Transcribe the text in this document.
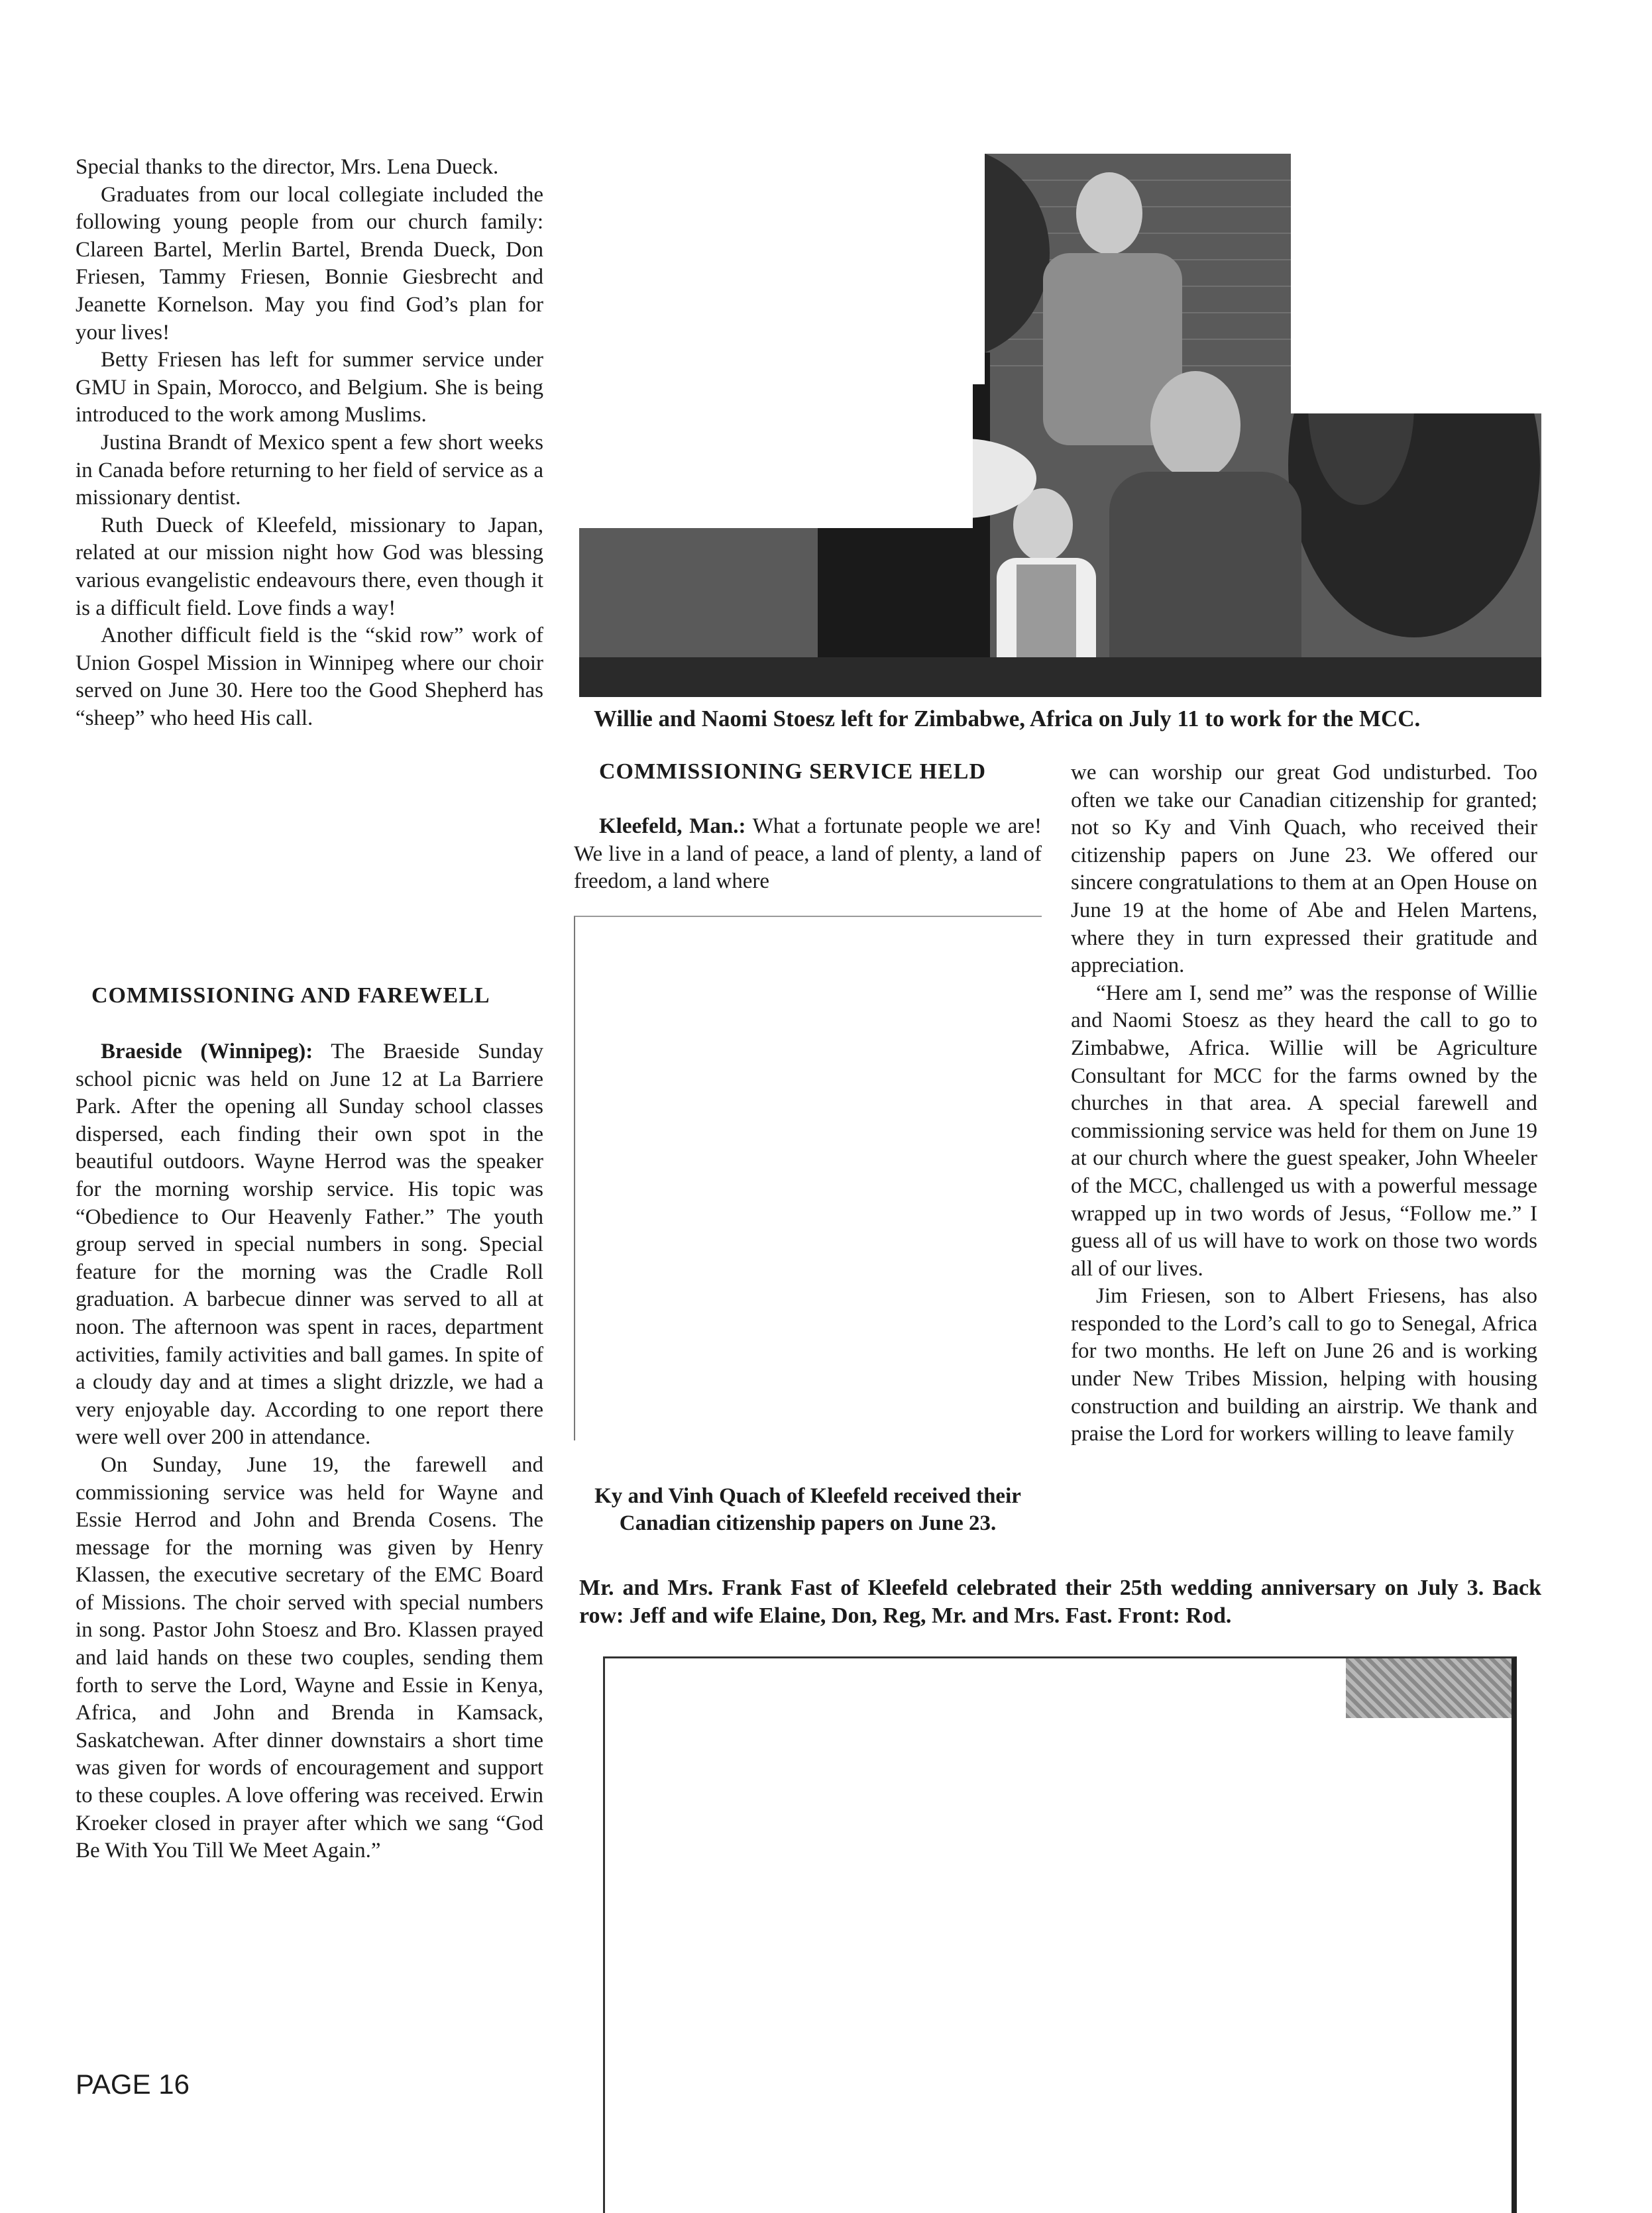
Special thanks to the director, Mrs. Lena Dueck.

Graduates from our local collegiate included the following young people from our church family: Clareen Bartel, Merlin Bartel, Brenda Dueck, Don Friesen, Tammy Friesen, Bonnie Giesbrecht and Jeanette Kornelson. May you find God’s plan for your lives!

Betty Friesen has left for summer service under GMU in Spain, Morocco, and Belgium. She is being introduced to the work among Muslims.

Justina Brandt of Mexico spent a few short weeks in Canada before returning to her field of service as a missionary dentist.

Ruth Dueck of Kleefeld, missionary to Japan, related at our mission night how God was blessing various evangelistic endeavours there, even though it is a difficult field. Love finds a way!

Another difficult field is the “skid row” work of Union Gospel Mission in Winnipeg where our choir served on June 30. Here too the Good Shepherd has “sheep” who heed His call.

COMMISSIONING AND FAREWELL

Braeside (Winnipeg): The Braeside Sunday school picnic was held on June 12 at La Barriere Park. After the opening all Sunday school classes dispersed, each finding their own spot in the beautiful outdoors. Wayne Herrod was the speaker for the morning worship service. His topic was “Obedience to Our Heavenly Father.” The youth group served in special numbers in song. Special feature for the morning was the Cradle Roll graduation. A barbecue dinner was served to all at noon. The afternoon was spent in races, department activities, family activities and ball games. In spite of a cloudy day and at times a slight drizzle, we had a very enjoyable day. According to one report there were well over 200 in attendance.

On Sunday, June 19, the farewell and commissioning service was held for Wayne and Essie Herrod and John and Brenda Cosens. The message for the morning was given by Henry Klassen, the executive secretary of the EMC Board of Missions. The choir served with special numbers in song. Pastor John Stoesz and Bro. Klassen prayed and laid hands on these two couples, sending them forth to serve the Lord, Wayne and Essie in Kenya, Africa, and John and Brenda in Kamsack, Saskatchewan. After dinner downstairs a short time was given for words of encouragement and support to these couples. A love offering was received. Erwin Kroeker closed in prayer after which we sang “God Be With You Till We Meet Again.”

PAGE 16
Willie and Naomi Stoesz left for Zimbabwe, Africa on July 11 to work for the MCC.
COMMISSIONING SERVICE HELD

Kleefeld, Man.: What a fortunate people we are! We live in a land of peace, a land of plenty, a land of freedom, a land where

Ky and Vinh Quach of Kleefeld received their Canadian citizenship papers on June 23.

we can worship our great God undisturbed. Too often we take our Canadian citizenship for granted; not so Ky and Vinh Quach, who received their citizenship papers on June 23. We offered our sincere congratulations to them at an Open House on June 19 at the home of Abe and Helen Martens, where they in turn expressed their gratitude and appreciation.

“Here am I, send me” was the response of Willie and Naomi Stoesz as they heard the call to go to Zimbabwe, Africa. Willie will be Agriculture Consultant for MCC for the farms owned by the churches in that area. A special farewell and commissioning service was held for them on June 19 at our church where the guest speaker, John Wheeler of the MCC, challenged us with a powerful message wrapped up in two words of Jesus, “Follow me.” I guess all of us will have to work on those two words all of our lives.

Jim Friesen, son to Albert Friesens, has also responded to the Lord’s call to go to Senegal, Africa for two months. He left on June 26 and is working under New Tribes Mission, helping with housing construction and building an airstrip. We thank and praise the Lord for workers willing to leave family

Mr. and Mrs. Frank Fast of Kleefeld celebrated their 25th wedding anniversary on July 3. Back row: Jeff and wife Elaine, Don, Reg, Mr. and Mrs. Fast. Front: Rod.
